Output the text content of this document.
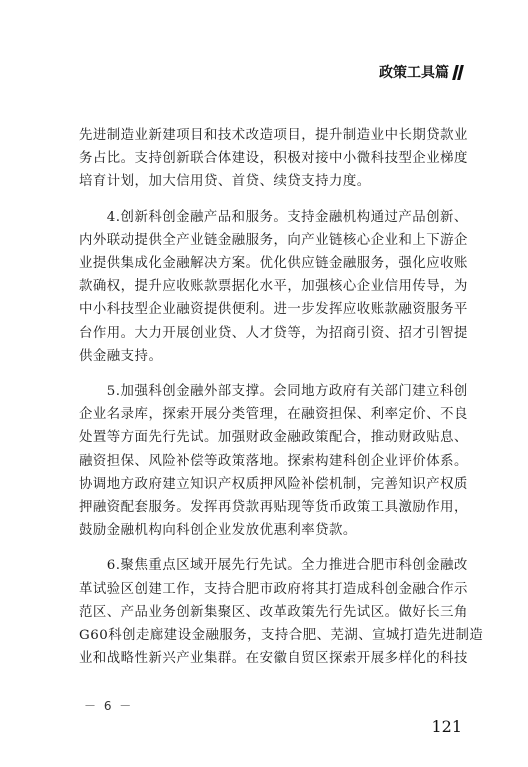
政策工具篇

先进制造业新建项目和技术改造项目，提升制造业中长期贷款业
务占比。支持创新联合体建设，积极对接中小微科技型企业梯度
培育计划，加大信用贷、首贷、续贷支持力度。

　　4.创新科创金融产品和服务。支持金融机构通过产品创新、
内外联动提供全产业链金融服务，向产业链核心企业和上下游企
业提供集成化金融解决方案。优化供应链金融服务，强化应收账
款确权，提升应收账款票据化水平，加强核心企业信用传导，为
中小科技型企业融资提供便利。进一步发挥应收账款融资服务平
台作用。大力开展创业贷、人才贷等，为招商引资、招才引智提
供金融支持。

　　5.加强科创金融外部支撑。会同地方政府有关部门建立科创
企业名录库，探索开展分类管理，在融资担保、利率定价、不良
处置等方面先行先试。加强财政金融政策配合，推动财政贴息、
融资担保、风险补偿等政策落地。探索构建科创企业评价体系。
协调地方政府建立知识产权质押风险补偿机制，完善知识产权质
押融资配套服务。发挥再贷款再贴现等货币政策工具激励作用，
鼓励金融机构向科创企业发放优惠利率贷款。

　　6.聚焦重点区域开展先行先试。全力推进合肥市科创金融改
革试验区创建工作，支持合肥市政府将其打造成科创金融合作示
范区、产品业务创新集聚区、改革政策先行先试区。做好长三角
G60科创走廊建设金融服务，支持合肥、芜湖、宣城打造先进制造
业和战略性新兴产业集群。在安徽自贸区探索开展多样化的科技

－ 6 －
121
